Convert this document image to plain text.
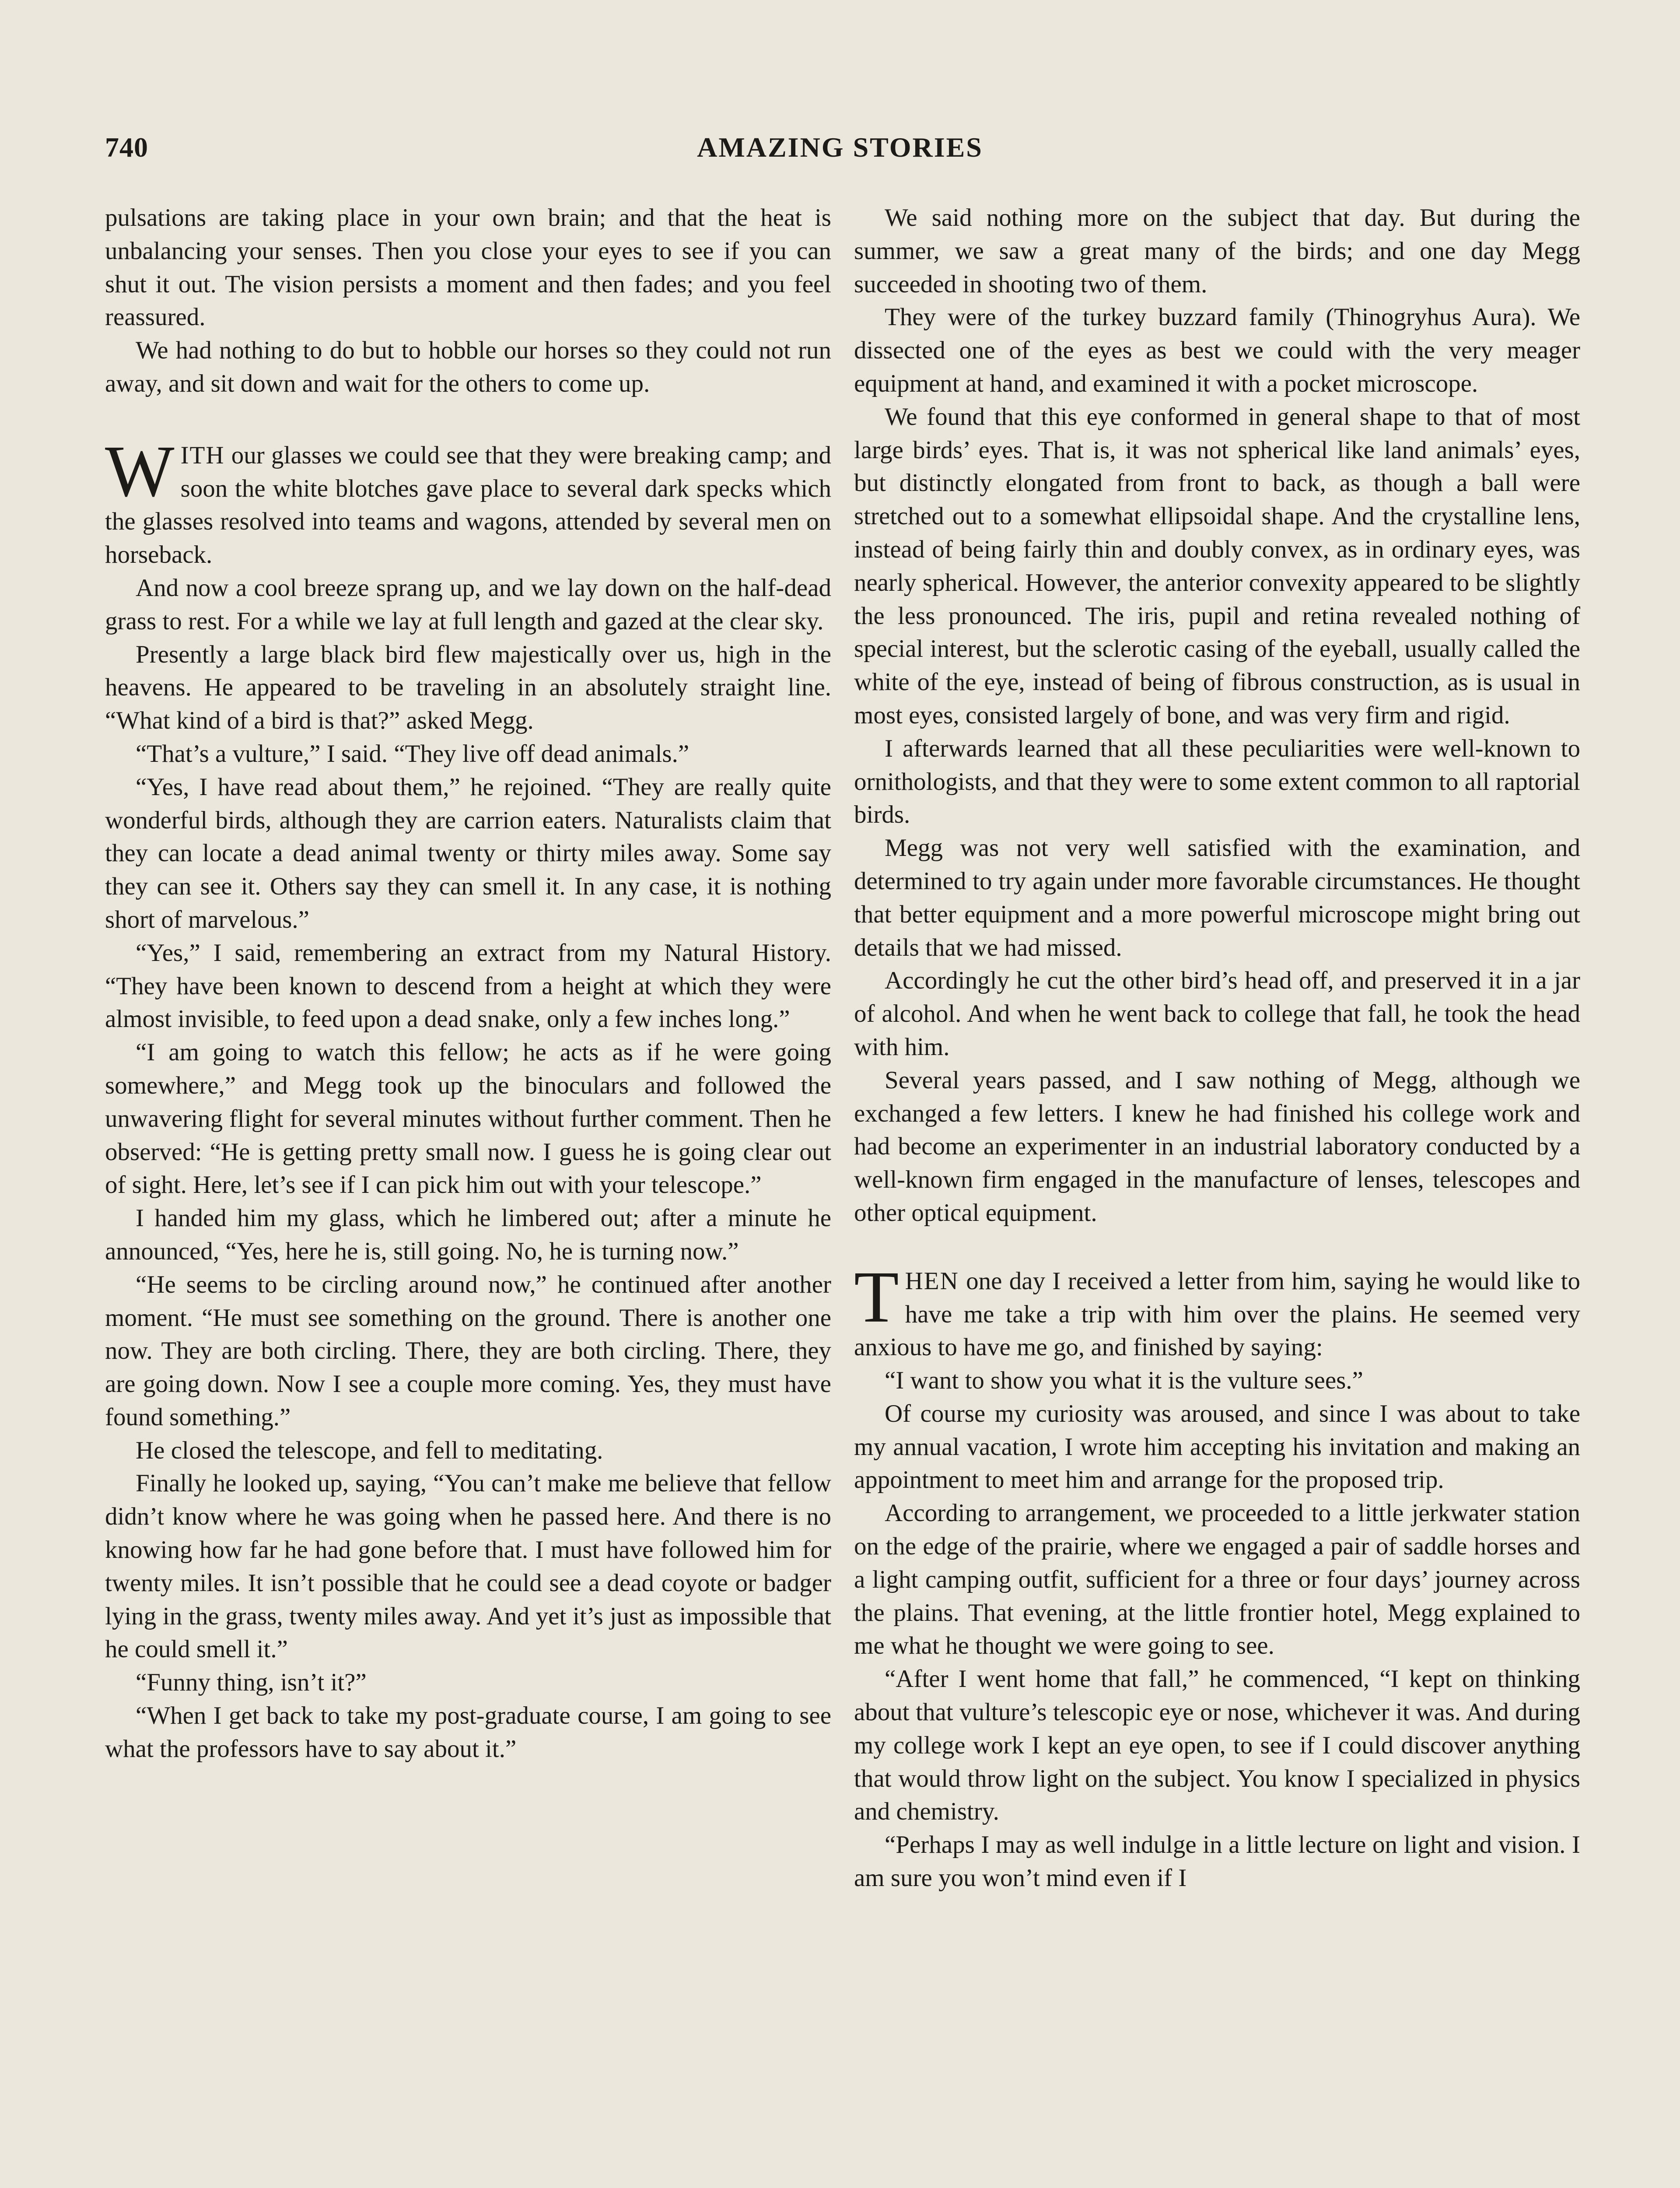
740	AMAZING STORIES

pulsations are taking place in your own brain; and that the heat is unbalancing your senses. Then you close your eyes to see if you can shut it out. The vision persists a moment and then fades; and you feel reassured.

We had nothing to do but to hobble our horses so they could not run away, and sit down and wait for the others to come up.

WITH our glasses we could see that they were breaking camp; and soon the white blotches gave place to several dark specks which the glasses resolved into teams and wagons, attended by several men on horseback.

And now a cool breeze sprang up, and we lay down on the half-dead grass to rest. For a while we lay at full length and gazed at the clear sky.

Presently a large black bird flew majestically over us, high in the heavens. He appeared to be traveling in an absolutely straight line. “What kind of a bird is that?” asked Megg.

“That’s a vulture,” I said. “They live off dead animals.”

“Yes, I have read about them,” he rejoined. “They are really quite wonderful birds, although they are carrion eaters. Naturalists claim that they can locate a dead animal twenty or thirty miles away. Some say they can see it. Others say they can smell it. In any case, it is nothing short of marvelous.”

“Yes,” I said, remembering an extract from my Natural History. “They have been known to descend from a height at which they were almost invisible, to feed upon a dead snake, only a few inches long.”

“I am going to watch this fellow; he acts as if he were going somewhere,” and Megg took up the binoculars and followed the unwavering flight for several minutes without further comment. Then he observed: “He is getting pretty small now. I guess he is going clear out of sight. Here, let’s see if I can pick him out with your telescope.”

I handed him my glass, which he limbered out; after a minute he announced, “Yes, here he is, still going. No, he is turning now.”

“He seems to be circling around now,” he continued after another moment. “He must see something on the ground. There is another one now. They are both circling. There, they are both circling. There, they are going down. Now I see a couple more coming. Yes, they must have found something.”

He closed the telescope, and fell to meditating.

Finally he looked up, saying, “You can’t make me believe that fellow didn’t know where he was going when he passed here. And there is no knowing how far he had gone before that. I must have followed him for twenty miles. It isn’t possible that he could see a dead coyote or badger lying in the grass, twenty miles away. And yet it’s just as impossible that he could smell it.”

“Funny thing, isn’t it?”

“When I get back to take my post-graduate course, I am going to see what the professors have to say about it.”

We said nothing more on the subject that day. But during the summer, we saw a great many of the birds; and one day Megg succeeded in shooting two of them.

They were of the turkey buzzard family (Thinogryhus Aura). We dissected one of the eyes as best we could with the very meager equipment at hand, and examined it with a pocket microscope.

We found that this eye conformed in general shape to that of most large birds’ eyes. That is, it was not spherical like land animals’ eyes, but distinctly elongated from front to back, as though a ball were stretched out to a somewhat ellipsoidal shape. And the crystalline lens, instead of being fairly thin and doubly convex, as in ordinary eyes, was nearly spherical. However, the anterior convexity appeared to be slightly the less pronounced. The iris, pupil and retina revealed nothing of special interest, but the sclerotic casing of the eyeball, usually called the white of the eye, instead of being of fibrous construction, as is usual in most eyes, consisted largely of bone, and was very firm and rigid.

I afterwards learned that all these peculiarities were well-known to ornithologists, and that they were to some extent common to all raptorial birds.

Megg was not very well satisfied with the examination, and determined to try again under more favorable circumstances. He thought that better equipment and a more powerful microscope might bring out details that we had missed.

Accordingly he cut the other bird’s head off, and preserved it in a jar of alcohol. And when he went back to college that fall, he took the head with him.

Several years passed, and I saw nothing of Megg, although we exchanged a few letters. I knew he had finished his college work and had become an experimenter in an industrial laboratory conducted by a well-known firm engaged in the manufacture of lenses, telescopes and other optical equipment.

THEN one day I received a letter from him, saying he would like to have me take a trip with him over the plains. He seemed very anxious to have me go, and finished by saying:

“I want to show you what it is the vulture sees.”

Of course my curiosity was aroused, and since I was about to take my annual vacation, I wrote him accepting his invitation and making an appointment to meet him and arrange for the proposed trip.

According to arrangement, we proceeded to a little jerkwater station on the edge of the prairie, where we engaged a pair of saddle horses and a light camping outfit, sufficient for a three or four days’ journey across the plains. That evening, at the little frontier hotel, Megg explained to me what he thought we were going to see.

“After I went home that fall,” he commenced, “I kept on thinking about that vulture’s telescopic eye or nose, whichever it was. And during my college work I kept an eye open, to see if I could discover anything that would throw light on the subject. You know I specialized in physics and chemistry.

“Perhaps I may as well indulge in a little lecture on light and vision. I am sure you won’t mind even if I
